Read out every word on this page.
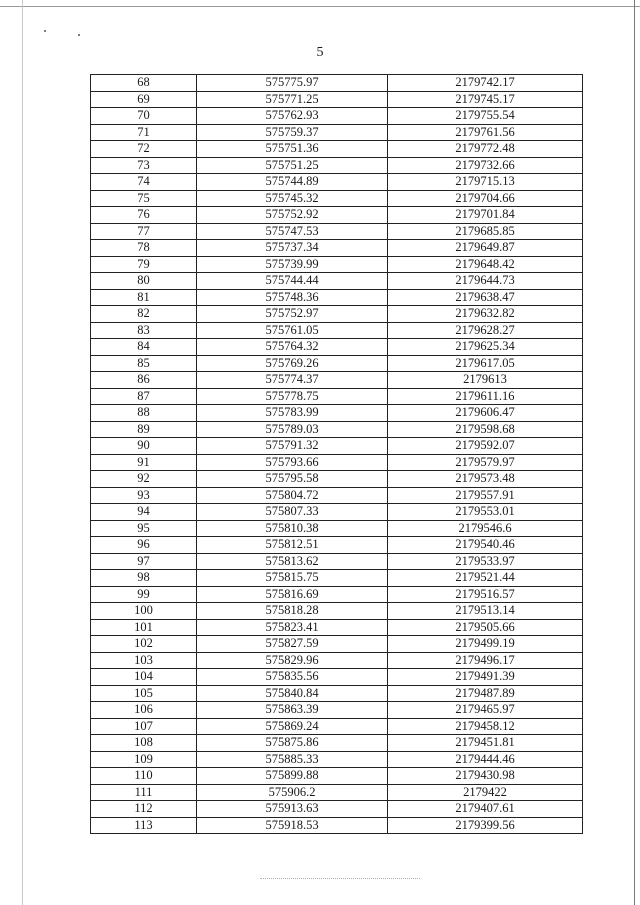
5
68	575775.97	2179742.17
69	575771.25	2179745.17
70	575762.93	2179755.54
71	575759.37	2179761.56
72	575751.36	2179772.48
73	575751.25	2179732.66
74	575744.89	2179715.13
75	575745.32	2179704.66
76	575752.92	2179701.84
77	575747.53	2179685.85
78	575737.34	2179649.87
79	575739.99	2179648.42
80	575744.44	2179644.73
81	575748.36	2179638.47
82	575752.97	2179632.82
83	575761.05	2179628.27
84	575764.32	2179625.34
85	575769.26	2179617.05
86	575774.37	2179613
87	575778.75	2179611.16
88	575783.99	2179606.47
89	575789.03	2179598.68
90	575791.32	2179592.07
91	575793.66	2179579.97
92	575795.58	2179573.48
93	575804.72	2179557.91
94	575807.33	2179553.01
95	575810.38	2179546.6
96	575812.51	2179540.46
97	575813.62	2179533.97
98	575815.75	2179521.44
99	575816.69	2179516.57
100	575818.28	2179513.14
101	575823.41	2179505.66
102	575827.59	2179499.19
103	575829.96	2179496.17
104	575835.56	2179491.39
105	575840.84	2179487.89
106	575863.39	2179465.97
107	575869.24	2179458.12
108	575875.86	2179451.81
109	575885.33	2179444.46
110	575899.88	2179430.98
111	575906.2	2179422
112	575913.63	2179407.61
113	575918.53	2179399.56
